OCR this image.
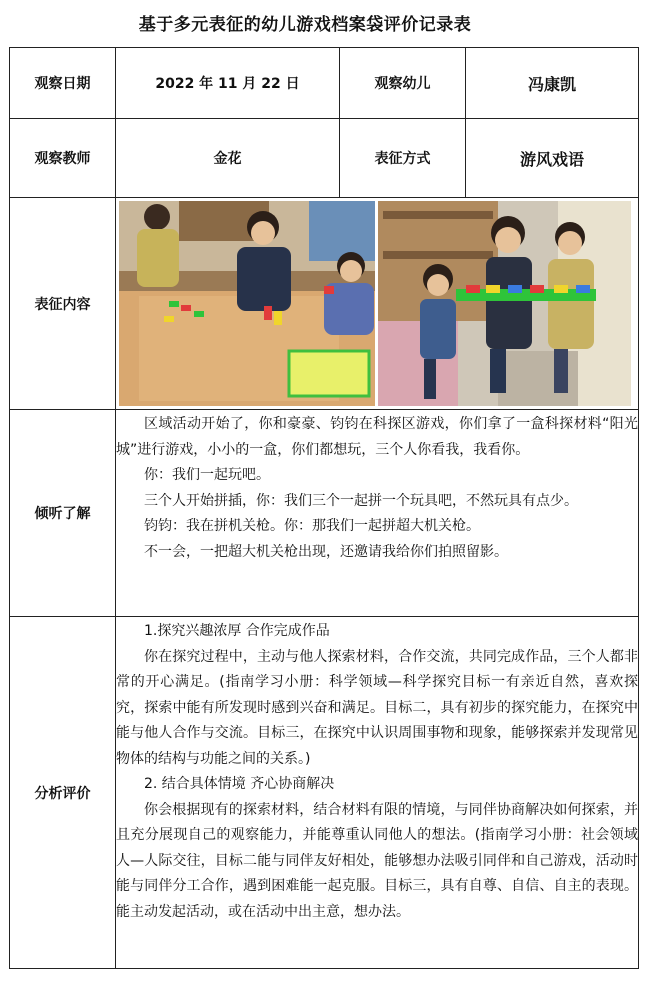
基于多元表征的幼儿游戏档案袋评价记录表
观察日期	2022 年 11 月 22 日	观察幼儿	冯康凯
观察教师	金花	表征方式	游风戏语
表征内容	

倾听了解	区域活动开始了，你和豪豪、钧钧在科探区游戏，你们拿了一盒科探材料“阳光城”进行游戏，小小的一盒，你们都想玩，三个人你看我，我看你。

你：我们一起玩吧。

三个人开始拼插，你：我们三个一起拼一个玩具吧，不然玩具有点少。

钧钧：我在拼机关枪。你：那我们一起拼超大机关枪。

不一会，一把超大机关枪出现，还邀请我给你们拍照留影。		

分析评价	1.探究兴趣浓厚 合作完成作品

你在探究过程中，主动与他人探索材料，合作交流，共同完成作品，三个人都非常的开心满足。(指南学习小册：科学领域—科学探究目标一有亲近自然，喜欢探究，探索中能有所发现时感到兴奋和满足。目标二，具有初步的探究能力，在探究中能与他人合作与交流。目标三，在探究中认识周围事物和现象，能够探索并发现常见物体的结构与功能之间的关系。)

2. 结合具体情境 齐心协商解决

你会根据现有的探索材料，结合材料有限的情境，与同伴协商解决如何探索，并且充分展现自己的观察能力，并能尊重认同他人的想法。(指南学习小册：社会领域人—人际交往，目标二能与同伴友好相处，能够想办法吸引同伴和自己游戏，活动时能与同伴分工合作，遇到困难能一起克服。目标三，具有自尊、自信、自主的表现。能主动发起活动，或在活动中出主意，想办法。		
